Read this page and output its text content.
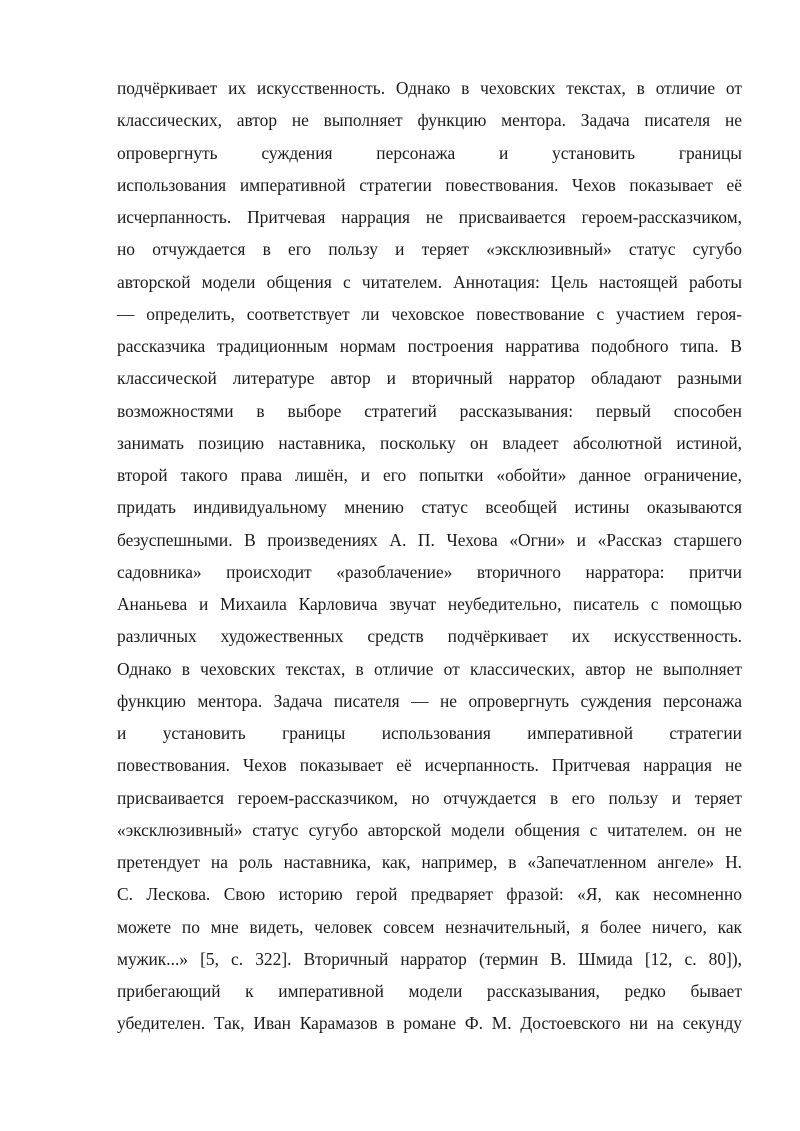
подчёркивает их искусственность. Однако в чеховских текстах, в отличие от
классических, автор не выполняет функцию ментора. Задача писателя не
опровергнуть суждения персонажа и установить границы
использования императивной стратегии повествования. Чехов показывает её
исчерпанность. Притчевая наррация не присваивается героем-рассказчиком,
но отчуждается в его пользу и теряет «эксклюзивный» статус сугубо
авторской модели общения с читателем. Аннотация: Цель настоящей работы
— определить, соответствует ли чеховское повествование с участием героя-
рассказчика традиционным нормам построения нарратива подобного типа. В
классической литературе автор и вторичный нарратор обладают разными
возможностями в выборе стратегий рассказывания: первый способен
занимать позицию наставника, поскольку он владеет абсолютной истиной,
второй такого права лишён, и его попытки «обойти» данное ограничение,
придать индивидуальному мнению статус всеобщей истины оказываются
безуспешными. В произведениях А. П. Чехова «Огни» и «Рассказ старшего
садовника» происходит «разоблачение» вторичного нарратора: притчи
Ананьева и Михаила Карловича звучат неубедительно, писатель с помощью
различных художественных средств подчёркивает их искусственность.
Однако в чеховских текстах, в отличие от классических, автор не выполняет
функцию ментора. Задача писателя — не опровергнуть суждения персонажа
и установить границы использования императивной стратегии
повествования. Чехов показывает её исчерпанность. Притчевая наррация не
присваивается героем-рассказчиком, но отчуждается в его пользу и теряет
«эксклюзивный» статус сугубо авторской модели общения с читателем. он не
претендует на роль наставника, как, например, в «Запечатленном ангеле» Н.
С. Лескова. Свою историю герой предваряет фразой: «Я, как несомненно
можете по мне видеть, человек совсем незначительный, я более ничего, как
мужик...» [5, с. 322]. Вторичный нарратор (термин В. Шмида [12, с. 80]),
прибегающий к императивной модели рассказывания, редко бывает
убедителен. Так, Иван Карамазов в романе Ф. М. Достоевского ни на секунду
